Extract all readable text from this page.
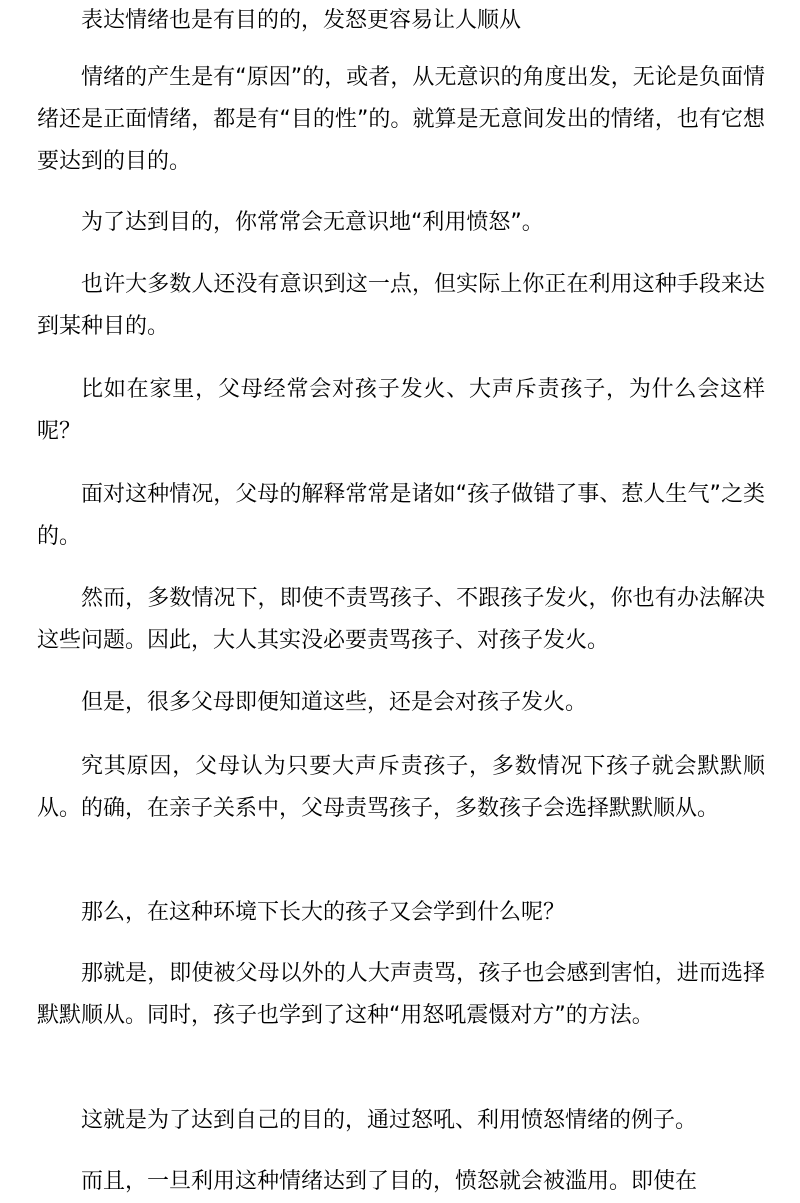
表达情绪也是有目的的，发怒更容易让人顺从

情绪的产生是有“原因”的，或者，从无意识的角度出发，无论是负面情绪还是正面情绪，都是有“目的性”的。就算是无意间发出的情绪，也有它想要达到的目的。

为了达到目的，你常常会无意识地“利用愤怒”。

也许大多数人还没有意识到这一点，但实际上你正在利用这种手段来达到某种目的。

比如在家里，父母经常会对孩子发火、大声斥责孩子，为什么会这样呢？

面对这种情况，父母的解释常常是诸如“孩子做错了事、惹人生气”之类的。

然而，多数情况下，即使不责骂孩子、不跟孩子发火，你也有办法解决这些问题。因此，大人其实没必要责骂孩子、对孩子发火。

但是，很多父母即便知道这些，还是会对孩子发火。

究其原因，父母认为只要大声斥责孩子，多数情况下孩子就会默默顺从。的确，在亲子关系中，父母责骂孩子，多数孩子会选择默默顺从。

那么，在这种环境下长大的孩子又会学到什么呢？

那就是，即使被父母以外的人大声责骂，孩子也会感到害怕，进而选择默默顺从。同时，孩子也学到了这种“用怒吼震慑对方”的方法。

这就是为了达到自己的目的，通过怒吼、利用愤怒情绪的例子。

而且，一旦利用这种情绪达到了目的，愤怒就会被滥用。即使在
